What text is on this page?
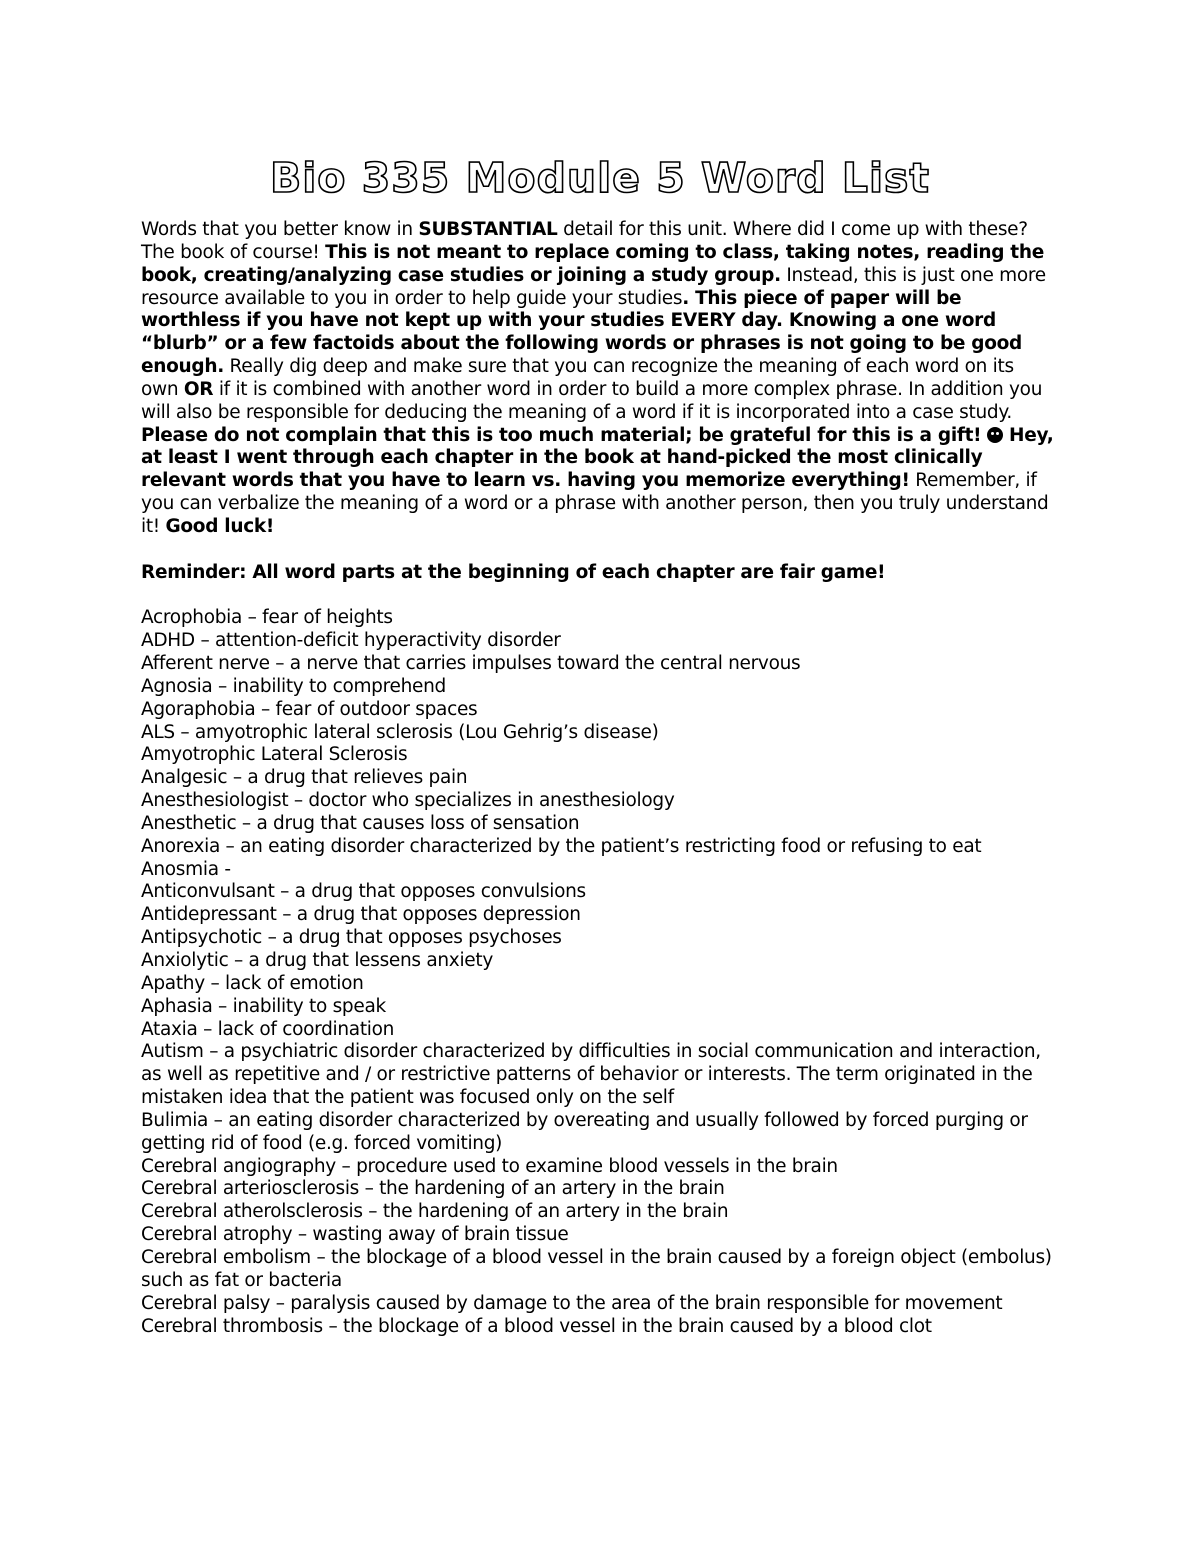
Bio 335 Module 5 Word List

Words that you better know in SUBSTANTIAL detail for this unit. Where did I come up with these? The book of course! This is not meant to replace coming to class, taking notes, reading the book, creating/analyzing case studies or joining a study group. Instead, this is just one more resource available to you in order to help guide your studies. This piece of paper will be worthless if you have not kept up with your studies EVERY day. Knowing a one word “blurb” or a few factoids about the following words or phrases is not going to be good enough. Really dig deep and make sure that you can recognize the meaning of each word on its own OR if it is combined with another word in order to build a more complex phrase. In addition you will also be responsible for deducing the meaning of a word if it is incorporated into a case study. Please do not complain that this is too much material; be grateful for this is a gift!  Hey, at least I went through each chapter in the book at hand-picked the most clinically relevant words that you have to learn vs. having you memorize everything! Remember, if you can verbalize the meaning of a word or a phrase with another person, then you truly understand it! Good luck!

Reminder: All word parts at the beginning of each chapter are fair game!

Acrophobia – fear of heights
ADHD – attention-deficit hyperactivity disorder
Afferent nerve – a nerve that carries impulses toward the central nervous
Agnosia – inability to comprehend
Agoraphobia – fear of outdoor spaces
ALS – amyotrophic lateral sclerosis (Lou Gehrig’s disease)
Amyotrophic Lateral Sclerosis
Analgesic – a drug that relieves pain
Anesthesiologist – doctor who specializes in anesthesiology
Anesthetic – a drug that causes loss of sensation
Anorexia – an eating disorder characterized by the patient’s restricting food or refusing to eat
Anosmia -
Anticonvulsant – a drug that opposes convulsions
Antidepressant – a drug that opposes depression
Antipsychotic – a drug that opposes psychoses
Anxiolytic – a drug that lessens anxiety
Apathy – lack of emotion
Aphasia – inability to speak
Ataxia – lack of coordination
Autism – a psychiatric disorder characterized by difficulties in social communication and interaction, as well as repetitive and / or restrictive patterns of behavior or interests. The term originated in the mistaken idea that the patient was focused only on the self
Bulimia – an eating disorder characterized by overeating and usually followed by forced purging or getting rid of food (e.g. forced vomiting)
Cerebral angiography – procedure used to examine blood vessels in the brain
Cerebral arteriosclerosis – the hardening of an artery in the brain
Cerebral atherolsclerosis – the hardening of an artery in the brain
Cerebral atrophy – wasting away of brain tissue
Cerebral embolism – the blockage of a blood vessel in the brain caused by a foreign object (embolus) such as fat or bacteria
Cerebral palsy – paralysis caused by damage to the area of the brain responsible for movement
Cerebral thrombosis – the blockage of a blood vessel in the brain caused by a blood clot
